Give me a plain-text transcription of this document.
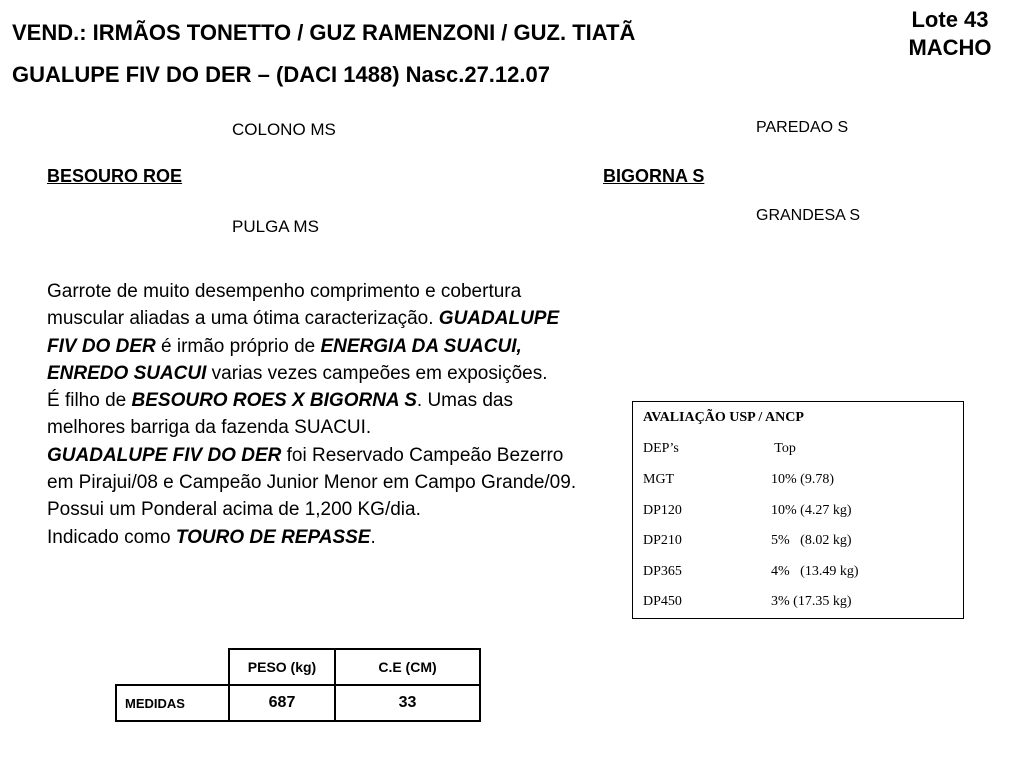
VEND.: IRMÃOS TONETTO / GUZ RAMENZONI / GUZ. TIATÃ
GUALUPE FIV DO DER – (DACI 1488) Nasc.27.12.07
Lote 43
MACHO
COLONO MS
BESOURO ROE
PULGA MS
PAREDAO S
BIGORNA S
GRANDESA S
Garrote de muito desempenho comprimento e cobertura muscular aliadas a uma ótima caracterização. GUADALUPE FIV DO DER é irmão próprio de ENERGIA DA SUACUI, ENREDO SUACUI varias vezes campeões em exposições.
É filho de BESOURO ROES X BIGORNA S. Umas das melhores barriga da fazenda SUACUI.
GUADALUPE FIV DO DER foi Reservado Campeão Bezerro em Pirajui/08 e Campeão Junior Menor em Campo Grande/09.
Possui um Ponderal acima de 1,200 KG/dia.
Indicado como TOURO DE REPASSE.
AVALIAÇÃO USP / ANCP
DEP’s	Top
MGT	10% (9.78)
DP120	10% (4.27 kg)
DP210	5%   (8.02 kg)
DP365	4%   (13.49 kg)
DP450	3% (17.35 kg)
	PESO (kg)	C.E (CM)
MEDIDAS	687	33
